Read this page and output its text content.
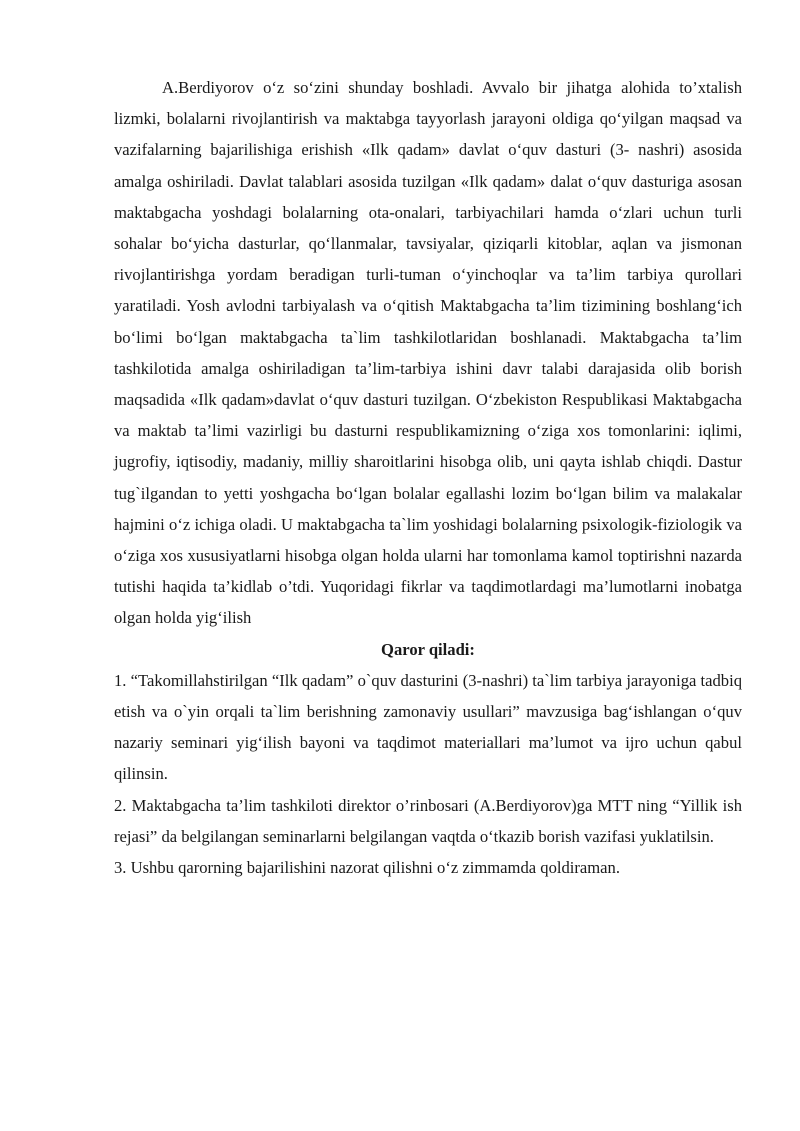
A.Berdiyorov o‘z so‘zini shunday boshladi. Avvalo bir jihatga alohida to’xtalish lizmki, bolalarni rivojlantirish va maktabga tayyorlash jarayoni oldiga qo‘yilgan maqsad va vazifalarning bajarilishiga erishish «Ilk qadam» davlat o‘quv dasturi (3- nashri) asosida amalga oshiriladi. Davlat talablari asosida tuzilgan «Ilk qadam» dalat o‘quv dasturiga asosan maktabgacha yoshdagi bolalarning ota-onalari, tarbiyachilari hamda o‘zlari uchun turli sohalar bo‘yicha dasturlar, qo‘llanmalar, tavsiyalar, qiziqarli kitoblar, aqlan va jismonan rivojlantirishga yordam beradigan turli-tuman o‘yinchoqlar va ta’lim tarbiya qurollari yaratiladi. Yosh avlodni tarbiyalash va o‘qitish Maktabgacha ta’lim tizimining boshlang‘ich bo‘limi bo‘lgan maktabgacha ta`lim tashkilotlaridan boshlanadi. Maktabgacha ta’lim tashkilotida amalga oshiriladigan ta’lim-tarbiya ishini davr talabi darajasida olib borish maqsadida «Ilk qadam»davlat o‘quv dasturi tuzilgan. O‘zbekiston Respublikasi Maktabgacha va maktab ta’limi vazirligi bu dasturni respublikamizning o‘ziga xos tomonlarini: iqlimi, jugrofiy, iqtisodiy, madaniy, milliy sharoitlarini hisobga olib, uni qayta ishlab chiqdi. Dastur tug`ilgandan to yetti yoshgacha bo‘lgan bolalar egallashi lozim bo‘lgan bilim va malakalar hajmini o‘z ichiga oladi. U maktabgacha ta`lim yoshidagi bolalarning psixologik-fiziologik va o‘ziga xos xususiyatlarni hisobga olgan holda ularni har tomonlama kamol toptirishni nazarda tutishi haqida ta’kidlab o’tdi. Yuqoridagi fikrlar va taqdimotlardagi ma’lumotlarni inobatga olgan holda yig‘ilish

Qaror qiladi:

1. “Takomillahstirilgan “Ilk qadam” o`quv dasturini (3-nashri) ta`lim tarbiya jarayoniga tadbiq etish va o`yin orqali ta`lim berishning zamonaviy usullari” mavzusiga bag‘ishlangan o‘quv nazariy seminari yig‘ilish bayoni va taqdimot materiallari ma’lumot va ijro uchun qabul qilinsin.

2. Maktabgacha ta’lim tashkiloti direktor o’rinbosari (A.Berdiyorov)ga MTT ning “Yillik ish rejasi” da belgilangan seminarlarni belgilangan vaqtda o‘tkazib borish vazifasi yuklatilsin.

3. Ushbu qarorning bajarilishini nazorat qilishni o‘z zimmamda qoldiraman.
